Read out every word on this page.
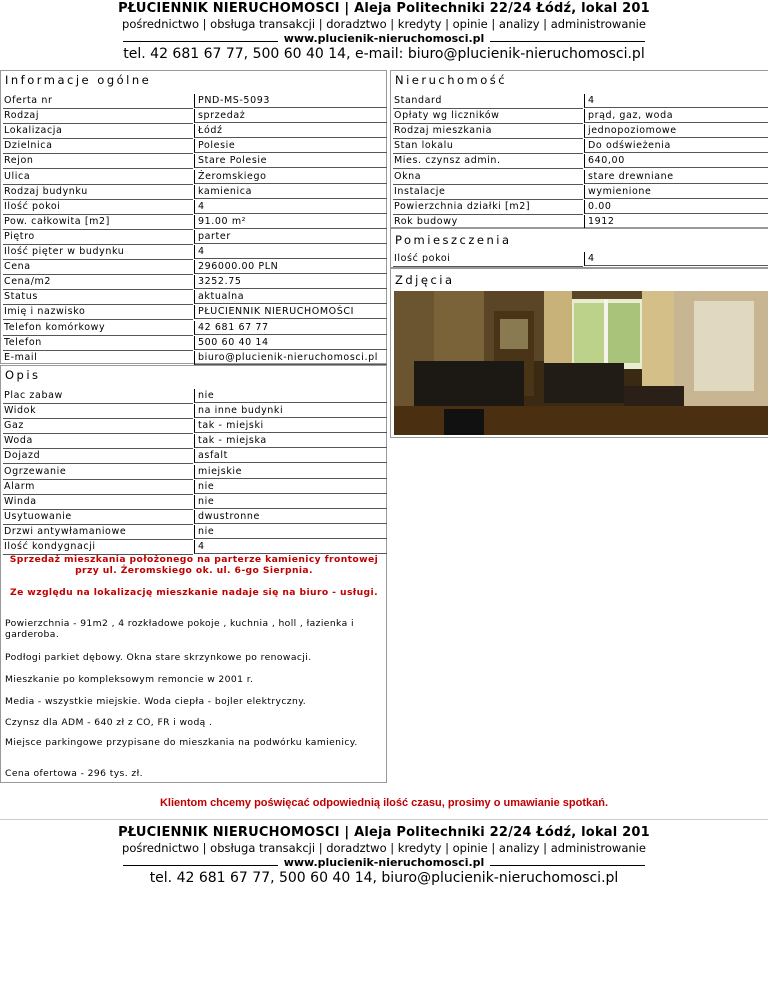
PŁUCIENNIK NIERUCHOMOŚCI | Aleja Politechniki 22/24 Łódź, lokal 201
pośrednictwo | obsługa transakcji | doradztwo | kredyty | opinie | analizy | administrowanie
www.plucienik-nieruchomosci.pl
tel. 42 681 67 77, 500 60 40 14, e-mail: biuro@plucienik-nieruchomosci.pl
Informacje ogólne
Oferta nr	PND-MS-5093
Rodzaj	sprzedaż
Lokalizacja	Łódź
Dzielnica	Polesie
Rejon	Stare Polesie
Ulica	Żeromskiego
Rodzaj budynku	kamienica
Ilość pokoi	4
Pow. całkowita [m2]	91.00 m²
Piętro	parter
Ilość pięter w budynku	4
Cena	296000.00 PLN
Cena/m2	3252.75
Status	aktualna
Imię i nazwisko	PŁUCIENNIK NIERUCHOMOŚCI
Telefon komórkowy	42 681 67 77
Telefon	500 60 40 14
E-mail	biuro@plucienik-nieruchomosci.pl
Nieruchomość
Standard	4
Opłaty wg liczników	prąd, gaz, woda
Rodzaj mieszkania	jednopoziomowe
Stan lokalu	Do odświeżenia
Mies. czynsz admin.	640,00
Okna	stare drewniane
Instalacje	wymienione
Powierzchnia działki [m2]	0.00
Rok budowy	1912
Pomieszczenia
Ilość pokoi	4
Zdjęcia
Opis
Plac zabaw	nie
Widok	na inne budynki
Gaz	tak - miejski
Woda	tak - miejska
Dojazd	asfalt
Ogrzewanie	miejskie
Alarm	nie
Winda	nie
Usytuowanie	dwustronne
Drzwi antywłamaniowe	nie
Ilość kondygnacji	4
Sprzedaż mieszkania położonego na parterze kamienicy frontowej przy ul. Żeromskiego ok. ul. 6-go Sierpnia.
Ze względu na lokalizację mieszkanie nadaje się na biuro - usługi.
Powierzchnia - 91m2 , 4 rozkładowe pokoje , kuchnia , holl , łazienka i garderoba.
Podłogi parkiet dębowy. Okna stare skrzynkowe po renowacji.
Mieszkanie po kompleksowym remoncie w 2001 r.
Media - wszystkie miejskie. Woda ciepła - bojler elektryczny.
Czynsz dla ADM - 640 zł z CO, FR i wodą .
Miejsce parkingowe przypisane do mieszkania na podwórku kamienicy.
Cena ofertowa - 296 tys. zł.
Klientom chcemy poświęcać odpowiednią ilość czasu, prosimy o umawianie spotkań.
PŁUCIENNIK NIERUCHOMOŚCI | Aleja Politechniki 22/24 Łódź, lokal 201
pośrednictwo | obsługa transakcji | doradztwo | kredyty | opinie | analizy | administrowanie
www.plucienik-nieruchomosci.pl
tel. 42 681 67 77, 500 60 40 14, biuro@plucienik-nieruchomosci.pl
